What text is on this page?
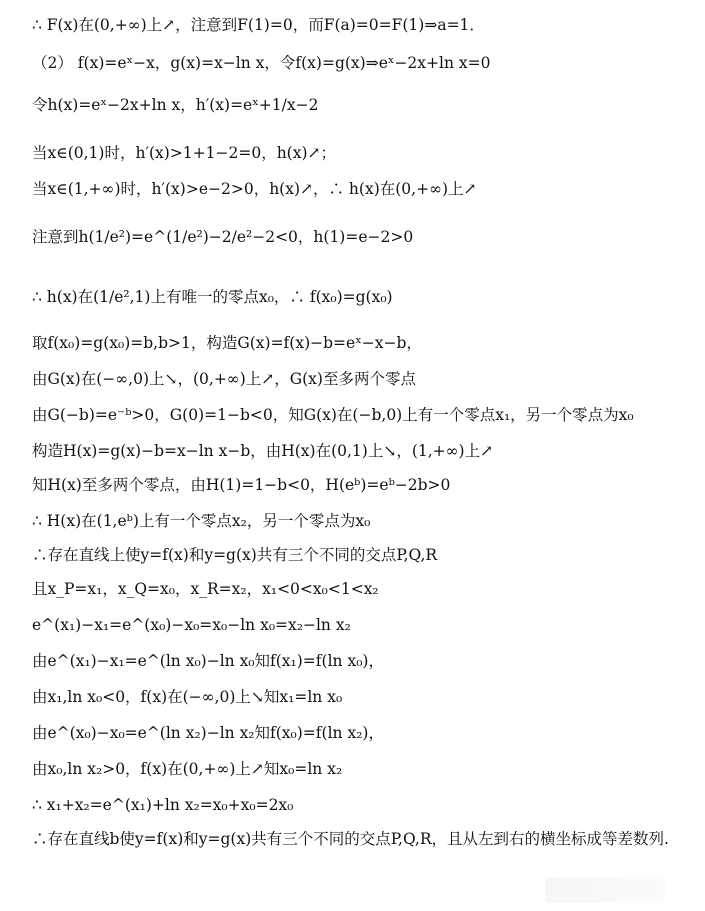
∴ F(x)在(0,+∞)上↗，注意到F(1)=0，而F(a)=0=F(1)⇒a=1．
（2） f(x)=eˣ−x，g(x)=x−ln x，令f(x)=g(x)⇒eˣ−2x+ln x=0
令h(x)=eˣ−2x+ln x，h′(x)=eˣ+1/x−2
当x∈(0,1)时，h′(x)>1+1−2=0，h(x)↗；
当x∈(1,+∞)时，h′(x)>e−2>0，h(x)↗，∴ h(x)在(0,+∞)上↗
注意到h(1/e²)=e^(1/e²)−2/e²−2<0，h(1)=e−2>0
∴ h(x)在(1/e²,1)上有唯一的零点x₀，∴ f(x₀)=g(x₀)
取f(x₀)=g(x₀)=b,b>1，构造G(x)=f(x)−b=eˣ−x−b，
由G(x)在(−∞,0)上↘，(0,+∞)上↗，G(x)至多两个零点
由G(−b)=e⁻ᵇ>0，G(0)=1−b<0，知G(x)在(−b,0)上有一个零点x₁，另一个零点为x₀
构造H(x)=g(x)−b=x−ln x−b，由H(x)在(0,1)上↘，(1,+∞)上↗
知H(x)至多两个零点，由H(1)=1−b<0，H(eᵇ)=eᵇ−2b>0
∴ H(x)在(1,eᵇ)上有一个零点x₂，另一个零点为x₀
∴存在直线上使y=f(x)和y=g(x)共有三个不同的交点P,Q,R
且x_P=x₁，x_Q=x₀，x_R=x₂，x₁<0<x₀<1<x₂
e^(x₁)−x₁=e^(x₀)−x₀=x₀−ln x₀=x₂−ln x₂
由e^(x₁)−x₁=e^(ln x₀)−ln x₀知f(x₁)=f(ln x₀)，
由x₁,ln x₀<0，f(x)在(−∞,0)上↘知x₁=ln x₀
由e^(x₀)−x₀=e^(ln x₂)−ln x₂知f(x₀)=f(ln x₂)，
由x₀,ln x₂>0，f(x)在(0,+∞)上↗知x₀=ln x₂
∴ x₁+x₂=e^(x₁)+ln x₂=x₀+x₀=2x₀
∴存在直线b使y=f(x)和y=g(x)共有三个不同的交点P,Q,R，且从左到右的横坐标成等差数列.
